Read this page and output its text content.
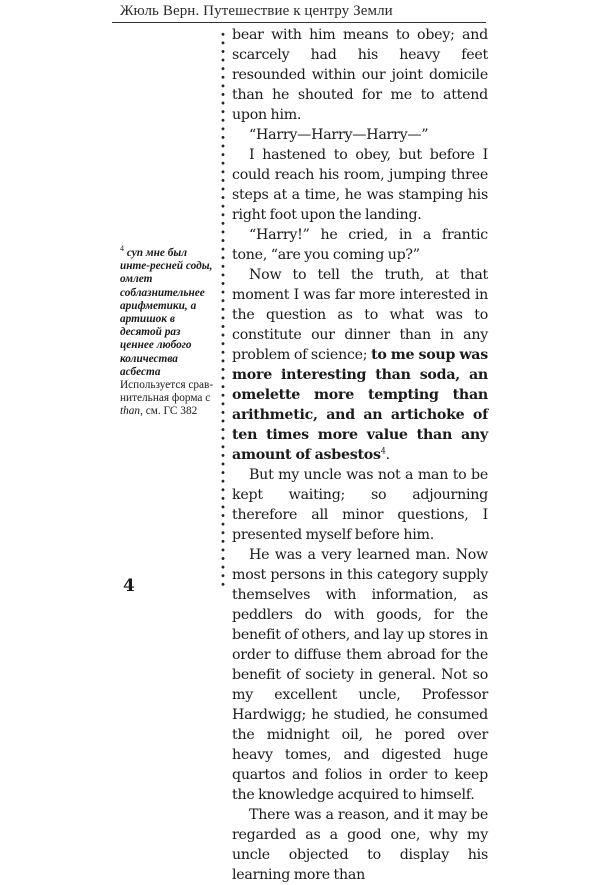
Жюль Верн. Путешествие к центру Земли
$^4$ суп мне был инте-ресней соды, омлет соблазнительнее арифметики, а артишок в десятой раз ценнее любого количества асбеста
Используется срав-нительная форма с than, см. ГС 382

bear with him means to obey; and scarcely had his heavy feet resounded within our joint domicile than he shouted for me to attend upon him.

“Harry—Harry—Harry—”

I hastened to obey, but before I could reach his room, jumping three steps at a time, he was stamping his right foot upon the landing.

“Harry!” he cried, in a frantic tone, “are you coming up?”

Now to tell the truth, at that moment I was far more interested in the question as to what was to constitute our dinner than in any problem of science; to me soup was more interesting than soda, an omelette more tempting than arithmetic, and an artichoke of ten times more value than any amount of asbestos$^4$.

But my uncle was not a man to be kept waiting; so adjourning therefore all minor questions, I presented myself before him.

He was a very learned man. Now most persons in this category supply themselves with information, as peddlers do with goods, for the benefit of others, and lay up stores in order to diffuse them abroad for the benefit of society in general. Not so my excellent uncle, Professor Hardwigg; he studied, he consumed the midnight oil, he pored over heavy tomes, and digested huge quartos and folios in order to keep the knowledge acquired to himself.

There was a reason, and it may be regarded as a good one, why my uncle objected to display his learning more than

4
